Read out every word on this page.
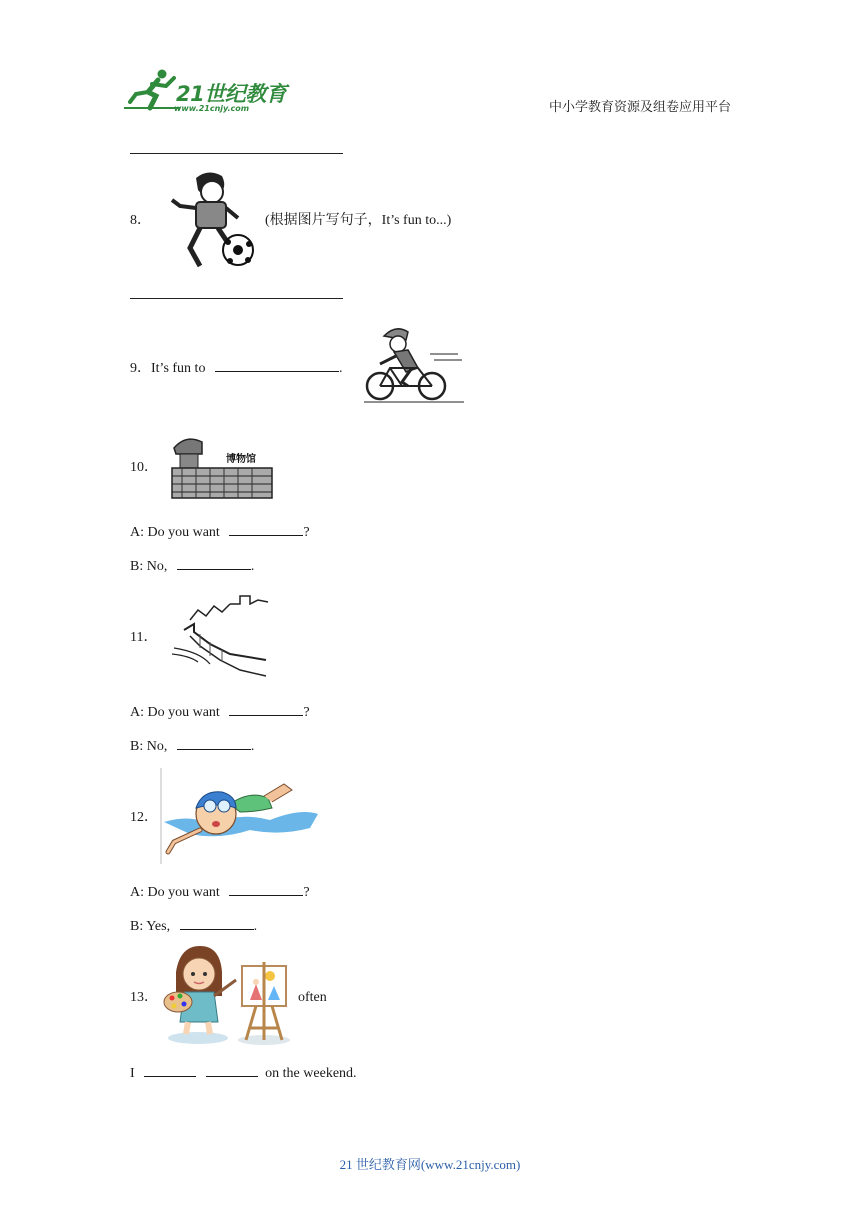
21世纪教育
www.21cnjy.com	中小学教育资源及组卷应用平台
8．	(根据图片写句子，It’s fun to...)
9．It’s fun to	.
10．
博物馆
A: Do you want	?
B: No,	.
11．
A: Do you want	?
B: No,	.
12．
A: Do you want	?
B: Yes,	.
13．	often
I	on the weekend.
21 世纪教育网(www.21cnjy.com)
